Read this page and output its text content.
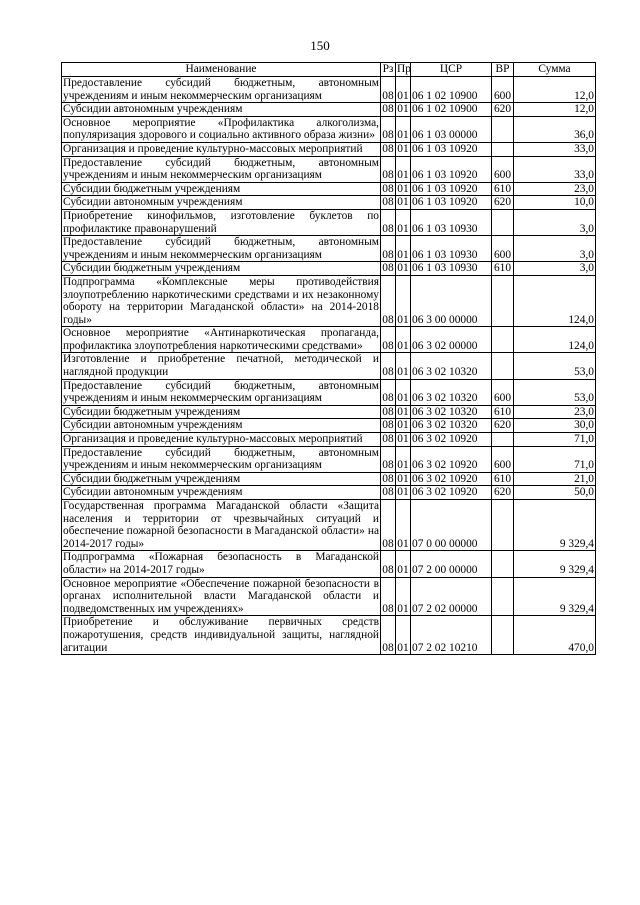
150
Наименование	Рз	Пр	ЦСР	ВР	Сумма
Предоставление субсидий бюджетным, автономным учреждениям и иным некоммерческим организациям	08	01	06 1 02 10900	600	12,0
Субсидии автономным учреждениям	08	01	06 1 02 10900	620	12,0
Основное мероприятие «Профилактика алкоголизма, популяризация здорового и социально активного образа жизни»	08	01	06 1 03 00000		36,0
Организация и проведение культурно-массовых мероприятий	08	01	06 1 03 10920		33,0
Предоставление субсидий бюджетным, автономным учреждениям и иным некоммерческим организациям	08	01	06 1 03 10920	600	33,0
Субсидии бюджетным учреждениям	08	01	06 1 03 10920	610	23,0
Субсидии автономным учреждениям	08	01	06 1 03 10920	620	10,0
Приобретение кинофильмов, изготовление буклетов по профилактике правонарушений	08	01	06 1 03 10930		3,0
Предоставление субсидий бюджетным, автономным учреждениям и иным некоммерческим организациям	08	01	06 1 03 10930	600	3,0
Субсидии бюджетным учреждениям	08	01	06 1 03 10930	610	3,0
Подпрограмма «Комплексные меры противодействия злоупотреблению наркотическими средствами и их незаконному обороту на территории Магаданской области» на 2014-2018 годы»	08	01	06 3 00 00000		124,0
Основное мероприятие «Антинаркотическая пропаганда, профилактика злоупотребления наркотическими средствами»	08	01	06 3 02 00000		124,0
Изготовление и приобретение печатной, методической и наглядной продукции	08	01	06 3 02 10320		53,0
Предоставление субсидий бюджетным, автономным учреждениям и иным некоммерческим организациям	08	01	06 3 02 10320	600	53,0
Субсидии бюджетным учреждениям	08	01	06 3 02 10320	610	23,0
Субсидии автономным учреждениям	08	01	06 3 02 10320	620	30,0
Организация и проведение культурно-массовых мероприятий	08	01	06 3 02 10920		71,0
Предоставление субсидий бюджетным, автономным учреждениям и иным некоммерческим организациям	08	01	06 3 02 10920	600	71,0
Субсидии бюджетным учреждениям	08	01	06 3 02 10920	610	21,0
Субсидии автономным учреждениям	08	01	06 3 02 10920	620	50,0
Государственная программа Магаданской области «Защита населения и территории от чрезвычайных ситуаций и обеспечение пожарной безопасности в Магаданской области» на 2014-2017 годы»	08	01	07 0 00 00000		9 329,4
Подпрограмма «Пожарная безопасность в Магаданской области» на 2014-2017 годы»	08	01	07 2 00 00000		9 329,4
Основное мероприятие «Обеспечение пожарной безопасности в органах исполнительной власти Магаданской области и подведомственных им учреждениях»	08	01	07 2 02 00000		9 329,4
Приобретение и обслуживание первичных средств пожаротушения, средств индивидуальной защиты, наглядной агитации	08	01	07 2 02 10210		470,0
